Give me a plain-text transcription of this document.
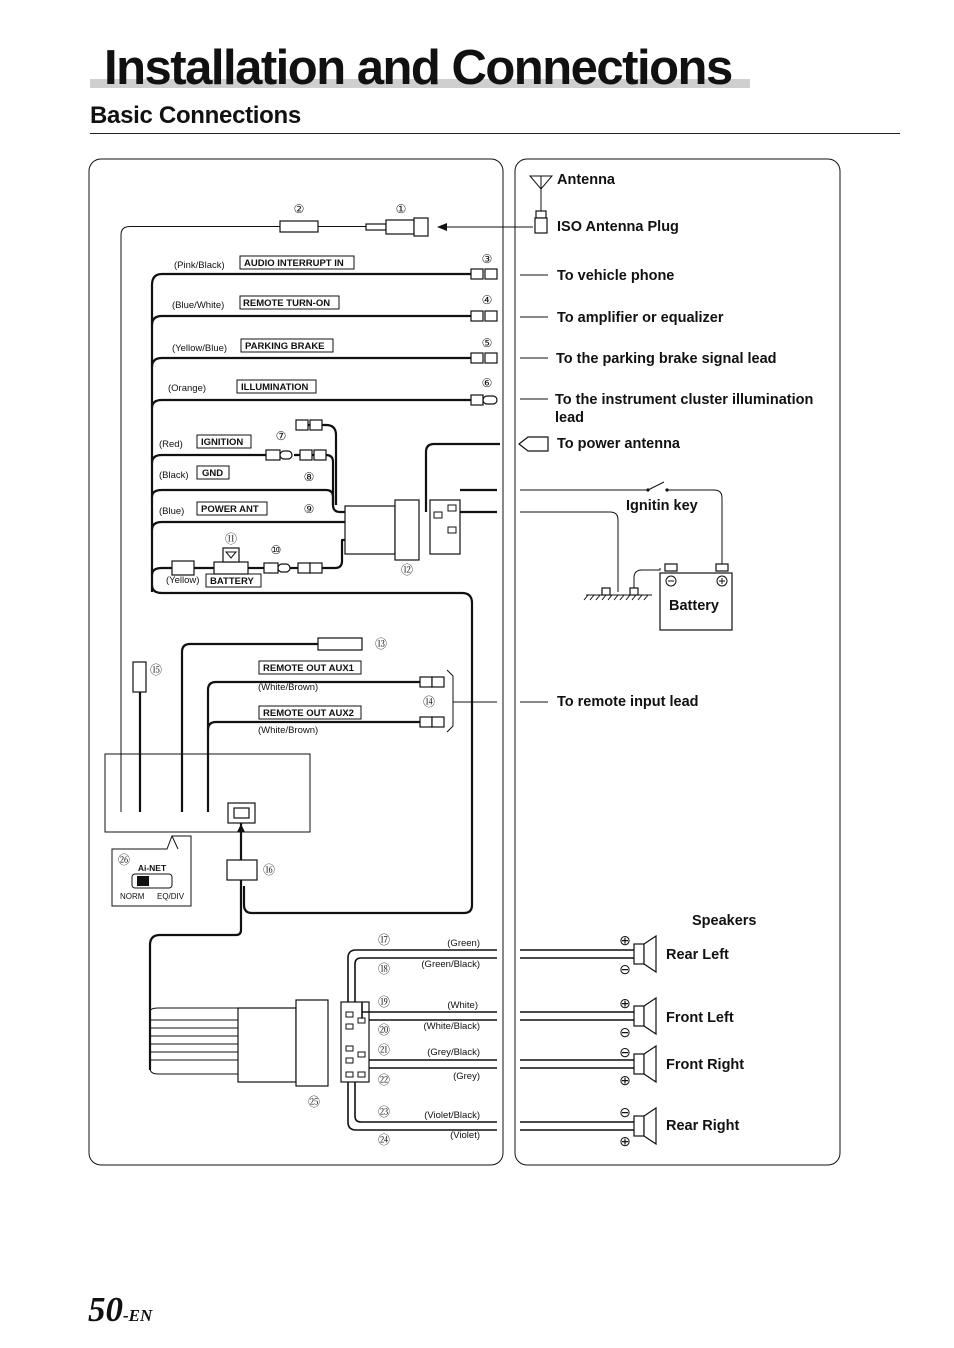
Installation and Connections
Basic Connections
Antenna
ISO Antenna Plug
㉖
Ai-NET
NORM EQ/DIV
AUDIO INTERRUPT IN
REMOTE TURN-ON
PARKING BRAKE
ILLUMINATION
IGNITION
GND
POWER ANT
BATTERY
REMOTE OUT AUX1
REMOTE OUT AUX2
(Pink/Black)
(Blue/White)
(Yellow/Blue)
(Orange)
(Red)
(Black)
(Blue)
(Yellow)
(White/Brown)
(White/Brown)
To vehicle phone
To amplifier or equalizer
To the parking brake signal lead
To the instrument cluster illumination
lead
To power antenna
Ignitin key
To remote input lead
Battery
①
②
③
④
⑤
⑥
⑦
⑧
⑨
⑩
⑪
⑫
⑬
⑭
⑮
⑯
⑰
⑱
⑲
⑳
㉑
㉒
㉓
㉔
㉕
(Green)
(Green/Black)
(White)
(White/Black)
(Grey/Black)
(Grey)
(Violet/Black)
(Violet)
Speakers
⊕
⊖
Rear Left
⊕
⊖
Front Left
⊖
⊕
Front Right
⊖
⊕
Rear Right
50-EN
